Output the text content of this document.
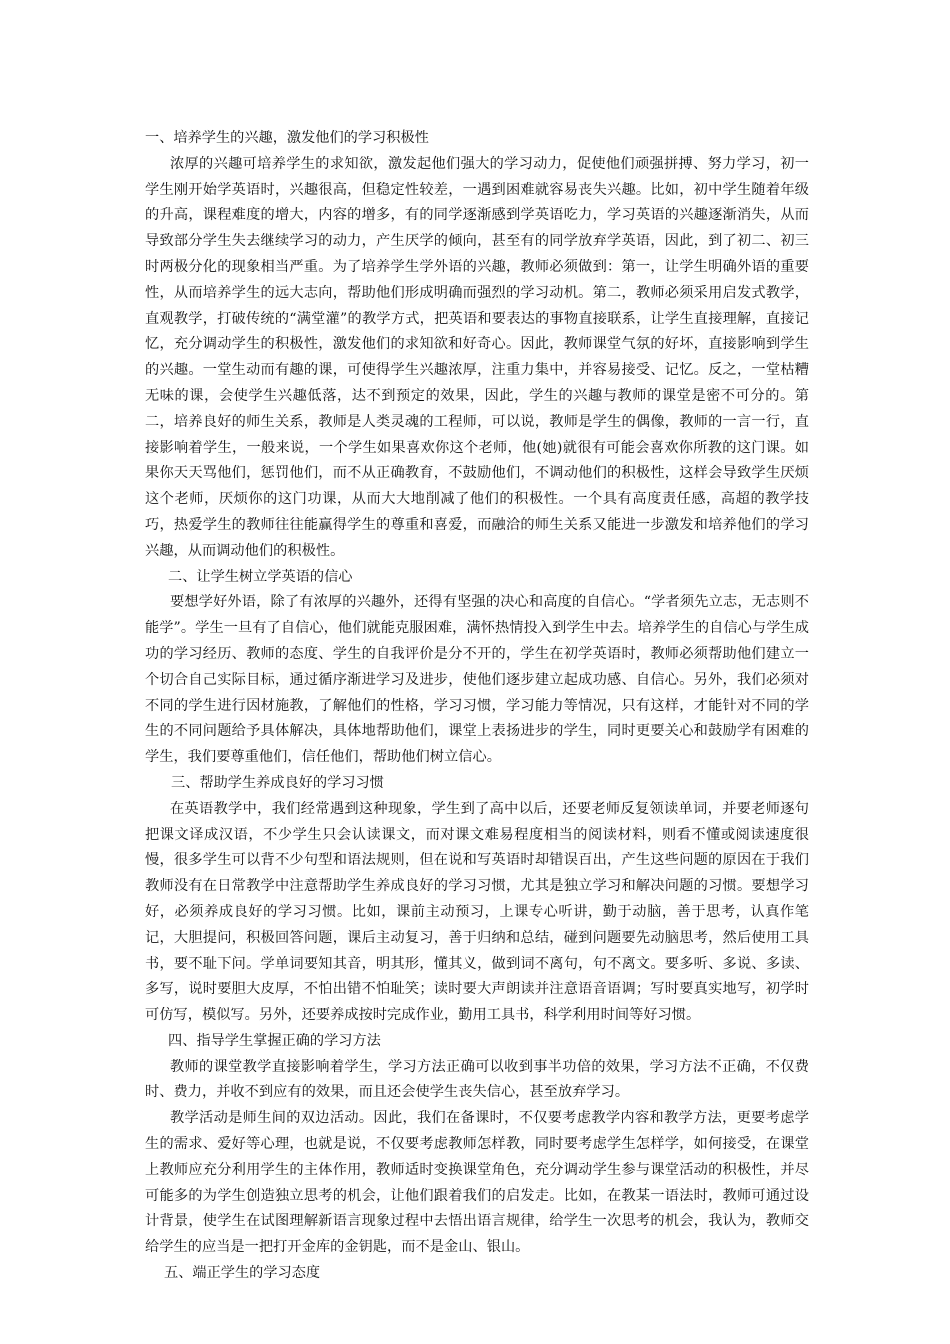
一、培养学生的兴趣，激发他们的学习积极性

浓厚的兴趣可培养学生的求知欲，激发起他们强大的学习动力，促使他们顽强拼搏、努力学习，初一学生刚开始学英语时，兴趣很高，但稳定性较差，一遇到困难就容易丧失兴趣。比如，初中学生随着年级的升高，课程难度的增大，内容的增多，有的同学逐渐感到学英语吃力，学习英语的兴趣逐渐消失，从而导致部分学生失去继续学习的动力，产生厌学的倾向，甚至有的同学放弃学英语，因此，到了初二、初三时两极分化的现象相当严重。为了培养学生学外语的兴趣，教师必须做到：第一，让学生明确外语的重要性，从而培养学生的远大志向，帮助他们形成明确而强烈的学习动机。第二，教师必须采用启发式教学，直观教学，打破传统的“满堂灌”的教学方式，把英语和要表达的事物直接联系，让学生直接理解，直接记忆，充分调动学生的积极性，激发他们的求知欲和好奇心。因此，教师课堂气氛的好坏，直接影响到学生的兴趣。一堂生动而有趣的课，可使得学生兴趣浓厚，注重力集中，并容易接受、记忆。反之，一堂枯糟无味的课，会使学生兴趣低落，达不到预定的效果，因此，学生的兴趣与教师的课堂是密不可分的。第二，培养良好的师生关系，教师是人类灵魂的工程师，可以说，教师是学生的偶像，教师的一言一行，直接影响着学生，一般来说，一个学生如果喜欢你这个老师，他(她)就很有可能会喜欢你所教的这门课。如果你天天骂他们，惩罚他们，而不从正确教育，不鼓励他们，不调动他们的积极性，这样会导致学生厌烦这个老师，厌烦你的这门功课，从而大大地削减了他们的积极性。一个具有高度责任感，高超的教学技巧，热爱学生的教师往往能赢得学生的尊重和喜爱，而融洽的师生关系又能进一步激发和培养他们的学习兴趣，从而调动他们的积极性。

二、让学生树立学英语的信心

要想学好外语，除了有浓厚的兴趣外，还得有坚强的决心和高度的自信心。“学者须先立志，无志则不能学”。学生一旦有了自信心，他们就能克服困难，满怀热情投入到学生中去。培养学生的自信心与学生成功的学习经历、教师的态度、学生的自我评价是分不开的，学生在初学英语时，教师必须帮助他们建立一个切合自己实际目标，通过循序渐进学习及进步，使他们逐步建立起成功感、自信心。另外，我们必须对不同的学生进行因材施教，了解他们的性格，学习习惯，学习能力等情况，只有这样，才能针对不同的学生的不同问题给予具体解决，具体地帮助他们，课堂上表扬进步的学生，同时更要关心和鼓励学有困难的学生，我们要尊重他们，信任他们，帮助他们树立信心。

三、帮助学生养成良好的学习习惯

在英语教学中，我们经常遇到这种现象，学生到了高中以后，还要老师反复领读单词，并要老师逐句把课文译成汉语，不少学生只会认读课文，而对课文难易程度相当的阅读材料，则看不懂或阅读速度很慢，很多学生可以背不少句型和语法规则，但在说和写英语时却错误百出，产生这些问题的原因在于我们教师没有在日常教学中注意帮助学生养成良好的学习习惯，尤其是独立学习和解决问题的习惯。要想学习好，必须养成良好的学习习惯。比如，课前主动预习，上课专心听讲，勤于动脑，善于思考，认真作笔记，大胆提问，积极回答问题，课后主动复习，善于归纳和总结，碰到问题要先动脑思考，然后使用工具书，要不耻下问。学单词要知其音，明其形，懂其义，做到词不离句，句不离文。要多听、多说、多读、多写，说时要胆大皮厚，不怕出错不怕耻笑；读时要大声朗读并注意语音语调；写时要真实地写，初学时可仿写，模似写。另外，还要养成按时完成作业，勤用工具书，科学利用时间等好习惯。

四、指导学生掌握正确的学习方法

教师的课堂教学直接影响着学生，学习方法正确可以收到事半功倍的效果，学习方法不正确，不仅费时、费力，并收不到应有的效果，而且还会使学生丧失信心，甚至放弃学习。

教学活动是师生间的双边活动。因此，我们在备课时，不仅要考虑教学内容和教学方法，更要考虑学生的需求、爱好等心理，也就是说，不仅要考虑教师怎样教，同时要考虑学生怎样学，如何接受，在课堂上教师应充分利用学生的主体作用，教师适时变换课堂角色，充分调动学生参与课堂活动的积极性，并尽可能多的为学生创造独立思考的机会，让他们跟着我们的启发走。比如，在教某一语法时，教师可通过设计背景，使学生在试图理解新语言现象过程中去悟出语言规律，给学生一次思考的机会，我认为，教师交给学生的应当是一把打开金库的金钥匙，而不是金山、银山。

五、端正学生的学习态度
